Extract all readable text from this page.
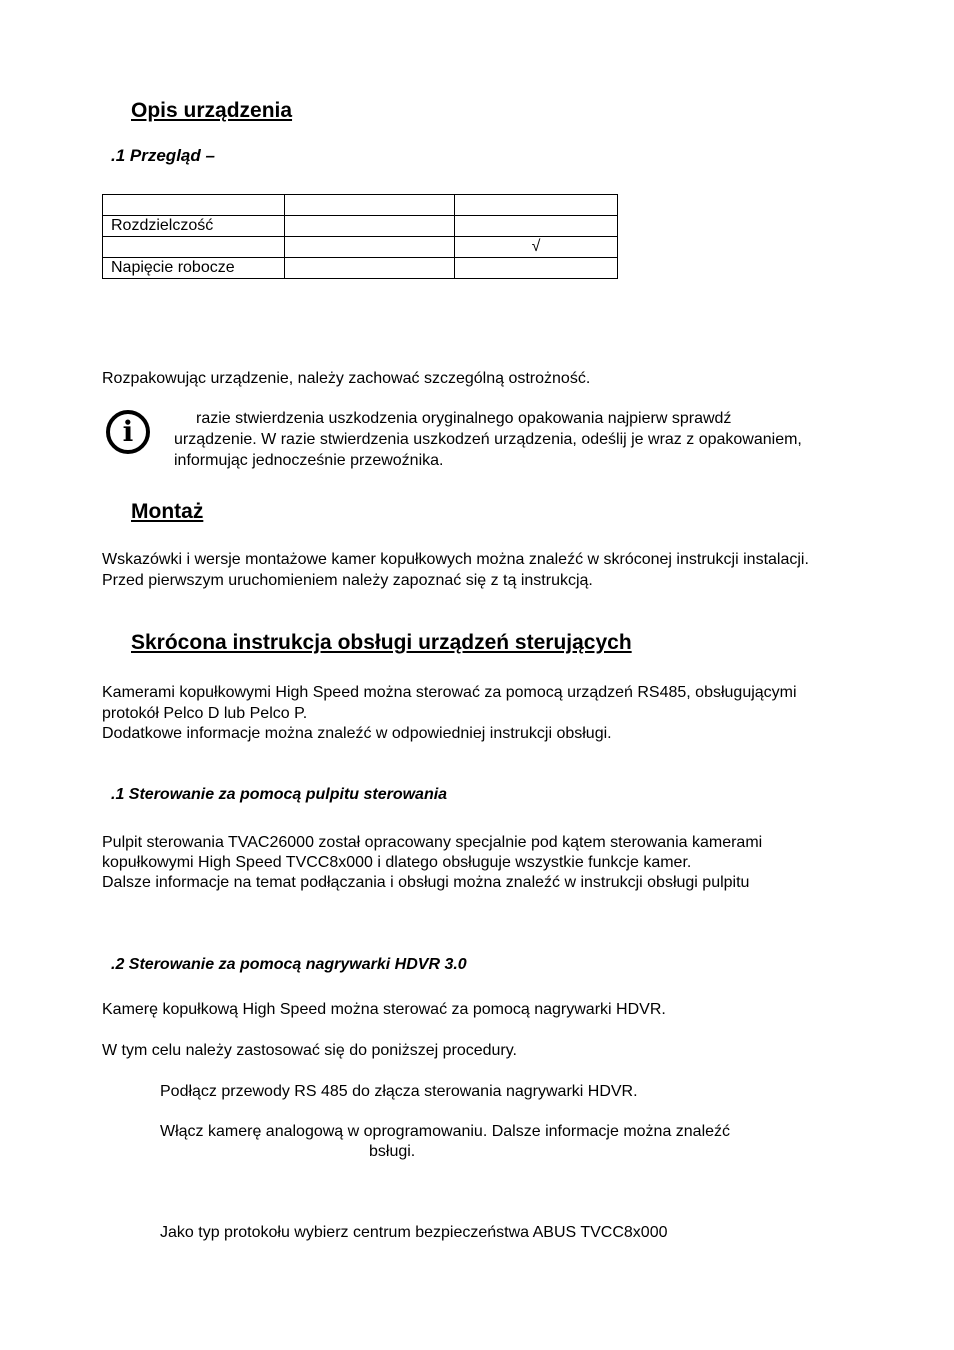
Opis urządzenia
.1 Przegląd –

Rozdzielczość		
		√
Napięcie robocze		
Rozpakowując urządzenie, należy zachować szczególną ostrożność.
i	razie stwierdzenia uszkodzenia oryginalnego opakowania najpierw sprawdź
urządzenie. W razie stwierdzenia uszkodzeń urządzenia, odeślij je wraz z opakowaniem,
informując jednocześnie przewoźnika.
Montaż
Wskazówki i wersje montażowe kamer kopułkowych można znaleźć w skróconej instrukcji instalacji.
Przed pierwszym uruchomieniem należy zapoznać się z tą instrukcją.
Skrócona instrukcja obsługi urządzeń sterujących
Kamerami kopułkowymi High Speed można sterować za pomocą urządzeń RS485, obsługującymi
protokół Pelco D lub Pelco P.
Dodatkowe informacje można znaleźć w odpowiedniej instrukcji obsługi.
.1 Sterowanie za pomocą pulpitu sterowania
Pulpit sterowania TVAC26000 został opracowany specjalnie pod kątem sterowania kamerami
kopułkowymi High Speed TVCC8x000 i dlatego obsługuje wszystkie funkcje kamer.
Dalsze informacje na temat podłączania i obsługi można znaleźć w instrukcji obsługi pulpitu
.2 Sterowanie za pomocą nagrywarki HDVR 3.0
Kamerę kopułkową High Speed można sterować za pomocą nagrywarki HDVR.
W tym celu należy zastosować się do poniższej procedury.
Podłącz przewody RS 485 do złącza sterowania nagrywarki HDVR.
Włącz kamerę analogową w oprogramowaniu. Dalsze informacje można znaleźć
bsługi.
Jako typ protokołu wybierz centrum bezpieczeństwa ABUS TVCC8x000
